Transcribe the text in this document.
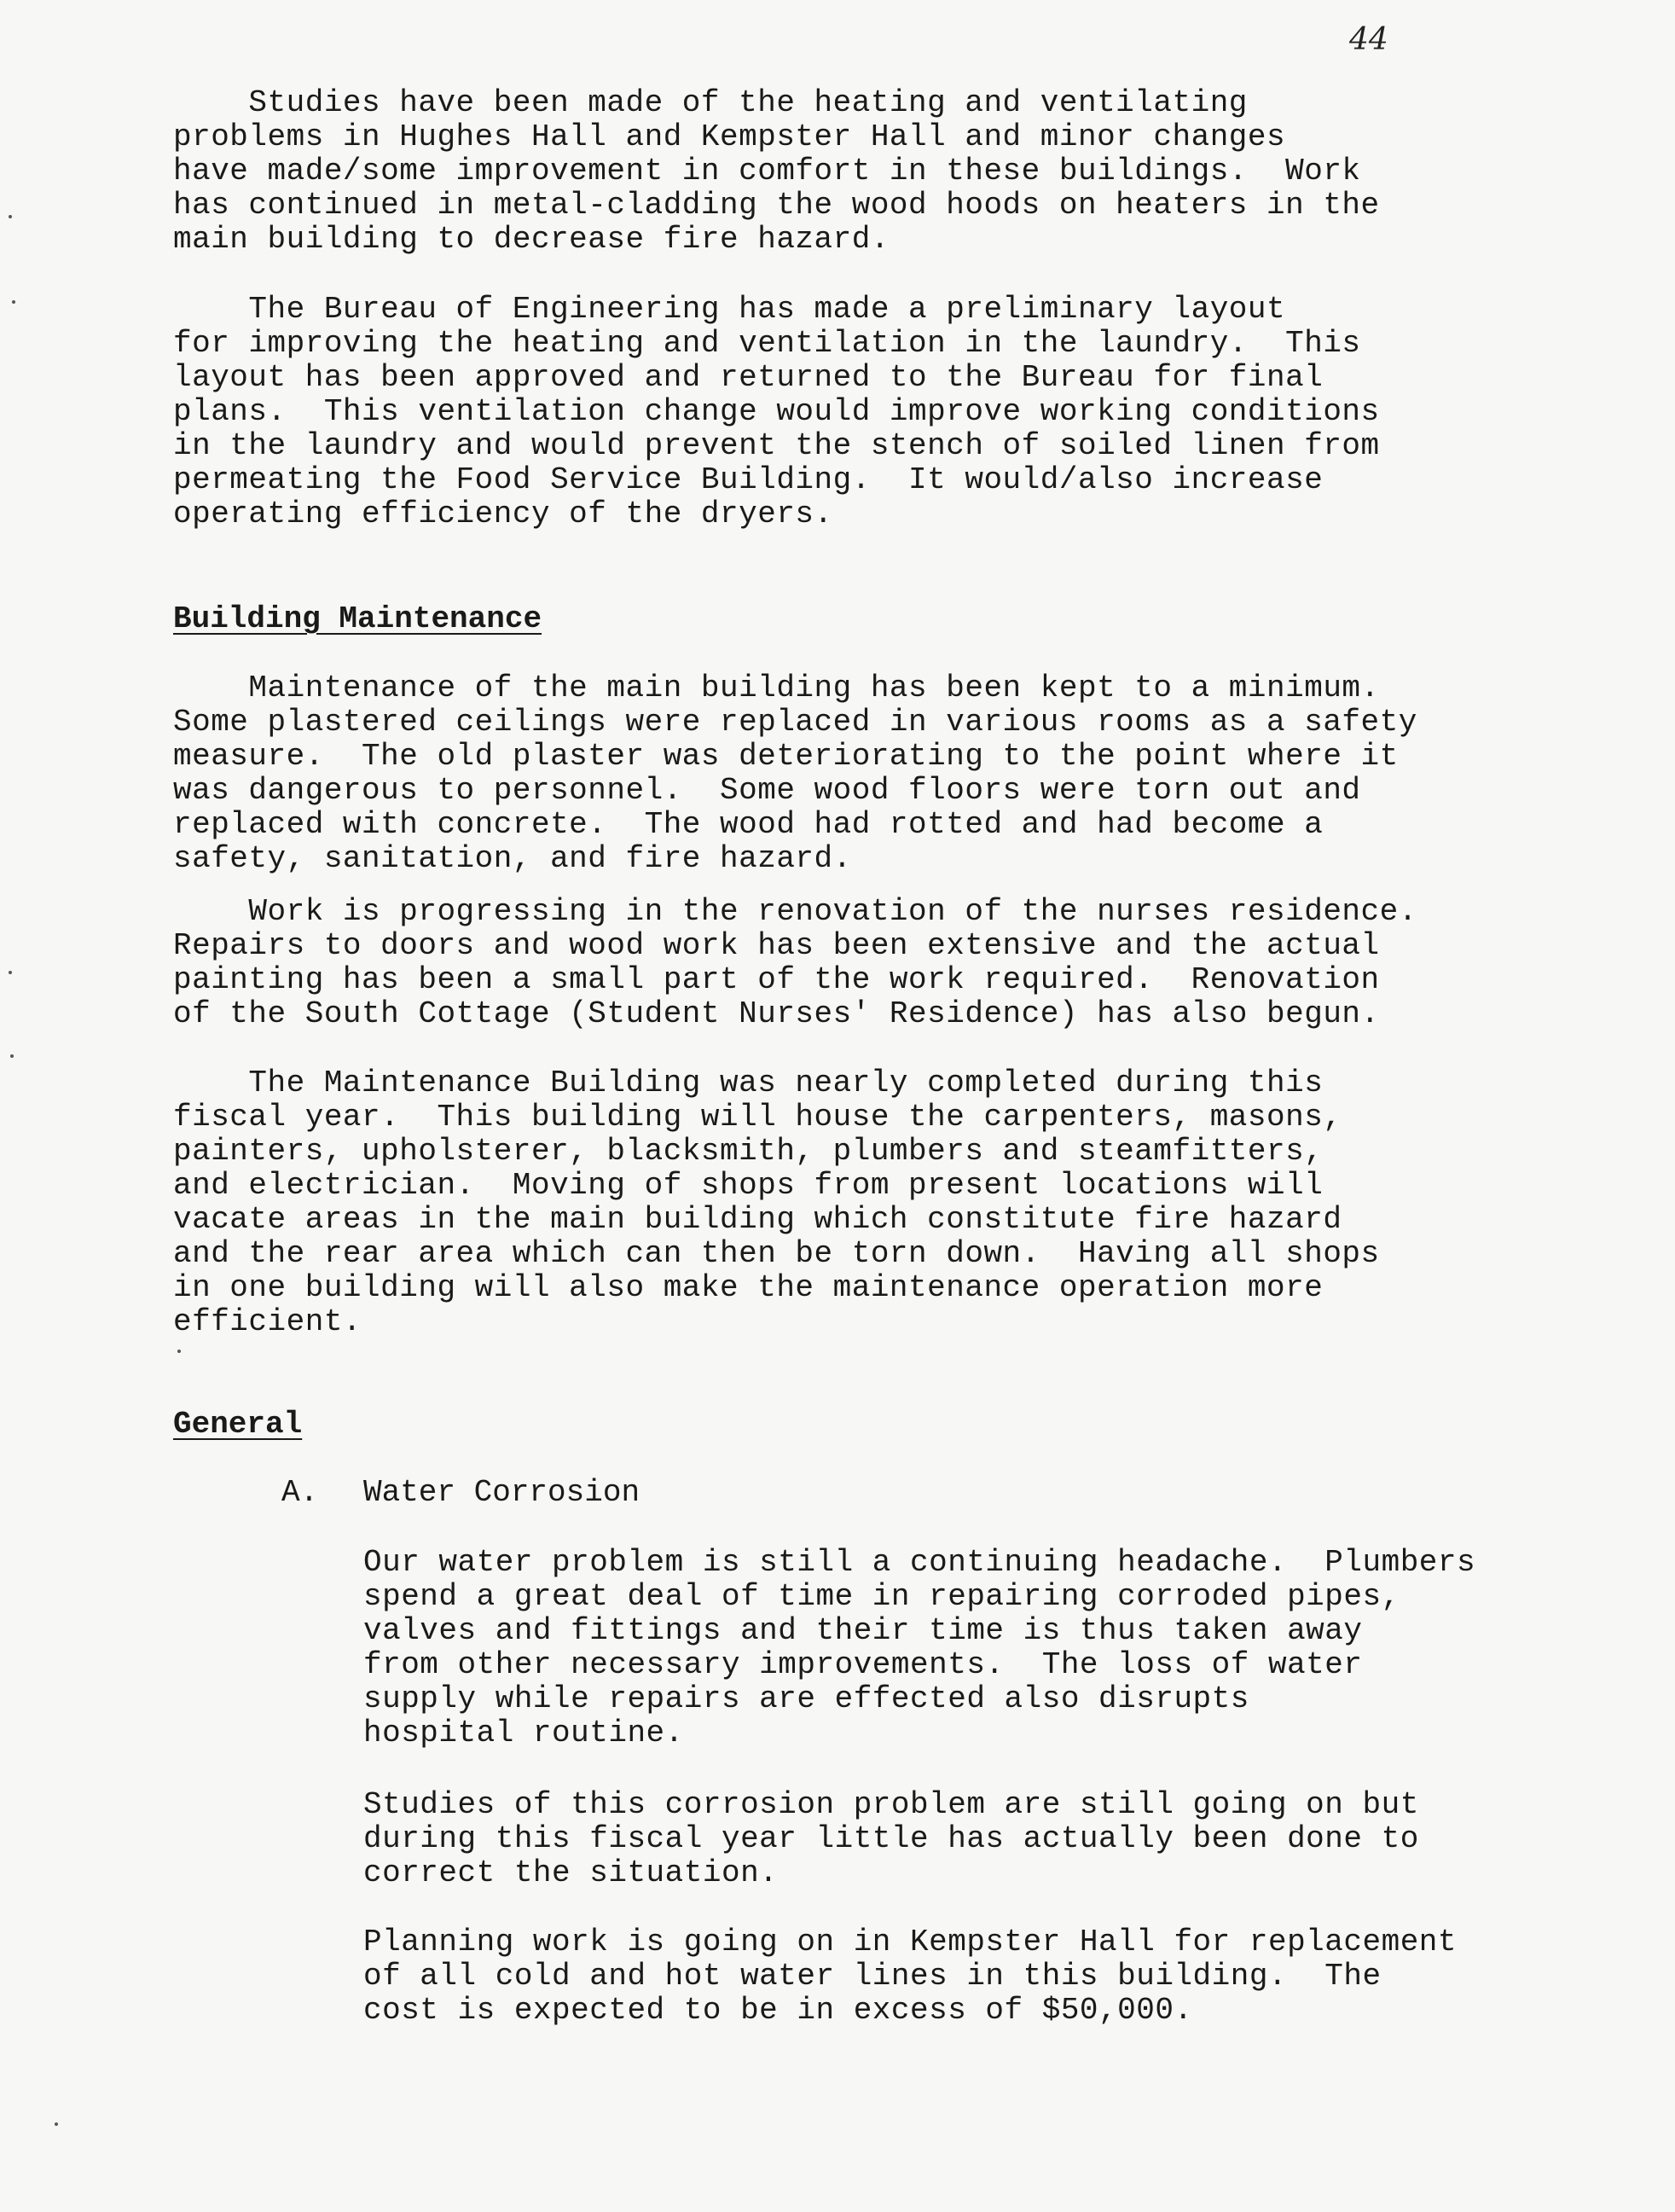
44

Studies have been made of the heating and ventilating
problems in Hughes Hall and Kempster Hall and minor changes
have made/some improvement in comfort in these buildings.  Work
has continued in metal-cladding the wood hoods on heaters in the
main building to decrease fire hazard.

The Bureau of Engineering has made a preliminary layout
for improving the heating and ventilation in the laundry.  This
layout has been approved and returned to the Bureau for final
plans.  This ventilation change would improve working conditions
in the laundry and would prevent the stench of soiled linen from
permeating the Food Service Building.  It would/also increase
operating efficiency of the dryers.

Building Maintenance

Maintenance of the main building has been kept to a minimum.
Some plastered ceilings were replaced in various rooms as a safety
measure.  The old plaster was deteriorating to the point where it
was dangerous to personnel.  Some wood floors were torn out and
replaced with concrete.  The wood had rotted and had become a
safety, sanitation, and fire hazard.

Work is progressing in the renovation of the nurses residence.
Repairs to doors and wood work has been extensive and the actual
painting has been a small part of the work required.  Renovation
of the South Cottage (Student Nurses' Residence) has also begun.

The Maintenance Building was nearly completed during this
fiscal year.  This building will house the carpenters, masons,
painters, upholsterer, blacksmith, plumbers and steamfitters,
and electrician.  Moving of shops from present locations will
vacate areas in the main building which constitute fire hazard
and the rear area which can then be torn down.  Having all shops
in one building will also make the maintenance operation more
efficient.

General
A. Water Corrosion

Our water problem is still a continuing headache.  Plumbers
spend a great deal of time in repairing corroded pipes,
valves and fittings and their time is thus taken away
from other necessary improvements.  The loss of water
supply while repairs are effected also disrupts
hospital routine.

Studies of this corrosion problem are still going on but
during this fiscal year little has actually been done to
correct the situation.

Planning work is going on in Kempster Hall for replacement
of all cold and hot water lines in this building.  The
cost is expected to be in excess of $50,000.
